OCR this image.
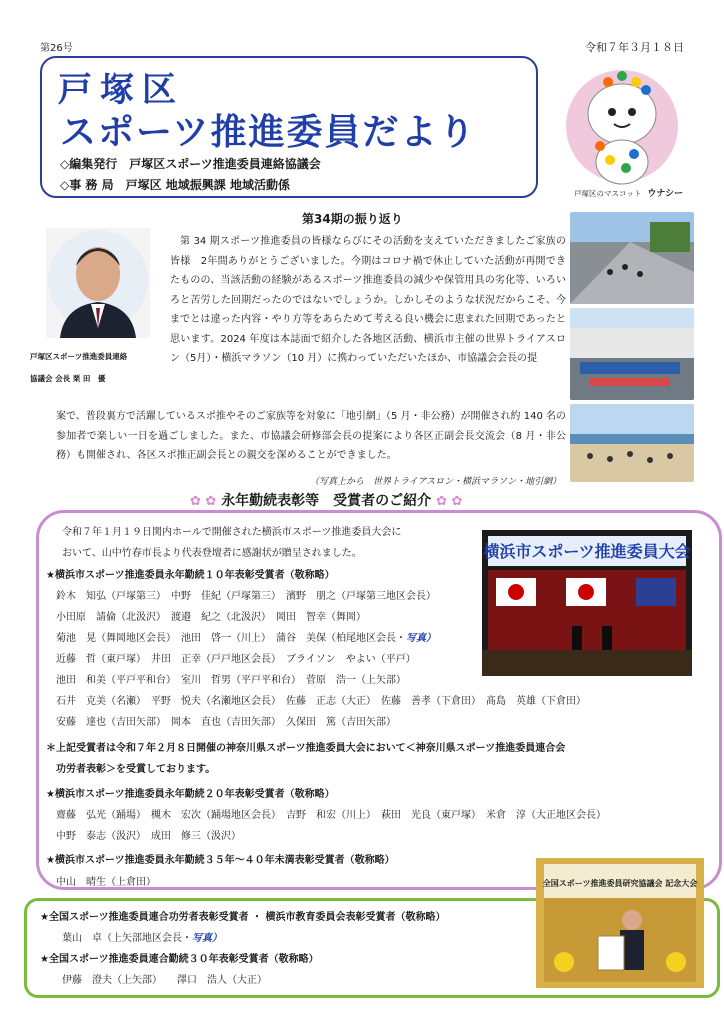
第26号	令和７年３月１８日
戸塚区
スポーツ推進委員だより
◇編集発行　戸塚区スポーツ推進委員連絡協議会
◇事 務 局　戸塚区 地域振興課 地域活動係
戸塚区のマスコット ウナシー
第34期の振り返り
戸塚区スポーツ推進委員連絡
協議会 会長 栗 田　優
第 34 期スポーツ推進委員の皆様ならびにその活動を支えていただきましたご家族の皆様　2年間ありがとうございました。今期はコロナ禍で休止していた活動が再開できたものの、当該活動の経験があるスポーツ推進委員の減少や保管用具の劣化等、いろいろと苦労した回期だったのではないでしょうか。しかしそのような状況だからこそ、今までとは違った内容・やり方等をあらためて考える良い機会に恵まれた回期であったと思います。2024 年度は本誌面で紹介した各地区活動、横浜市主催の世界トライアスロン（5月）・横浜マラソン（10 月）に携わっていただいたほか、市協議会会長の提
案で、普段裏方で活躍しているスポ推やそのご家族等を対象に「地引網」（5 月・非公務）が開催され約 140 名の参加者で楽しい一日を過ごしました。また、市協議会研修部会長の提案により各区正副会長交流会（8 月・非公務）も開催され、各区スポ推正副会長との親交を深めることができました。
（写真上から　世界トライアスロン・横浜マラソン・地引網）
✿ ✿ 永年勤続表彰等　受賞者のご紹介 ✿ ✿

令和７年１月１９日関内ホールで開催された横浜市スポーツ推進委員大会に

おいて、山中竹春市長より代表登壇者に感謝状が贈呈されました。	横浜市スポーツ推進委員大会
★横浜市スポーツ推進委員永年勤続１０年表彰受賞者（敬称略）
鈴木　知弘（戸塚第三）　中野　佳紀（戸塚第三）　濱野　朋之（戸塚第三地区会長）
小田原　請倫（北汲沢）　渡邉　紀之（北汲沢）　岡田　智幸（舞岡）
菊池　晃（舞岡地区会長）　池田　啓一（川上）　蒲谷　美保（柏尾地区会長・写真）
近藤　哲（東戸塚）　井田　正幸（戸戸地区会長）　ブライソン　やよい（平戸）
池田　和美（平戸平和台）　室川　哲男（平戸平和台）　菅原　浩一（上矢部）
石井　克美（名瀬）　平野　悦夫（名瀬地区会長）　佐藤　正志（大正）　佐藤　善孝（下倉田）　髙島　英雄（下倉田）
安藤　達也（吉田矢部）　岡本　直也（吉田矢部）　久保田　篤（吉田矢部）
＊上記受賞者は令和７年２月８日開催の神奈川県スポーツ推進委員大会において＜神奈川県スポーツ推進委員連合会
功労者表彰＞を受賞しております。
★横浜市スポーツ推進委員永年勤続２０年表彰受賞者（敬称略）
齋藤　弘光（踊場）　槻木　宏次（踊場地区会長）　吉野　和宏（川上）　萩田　光良（東戸塚）　米倉　淳（大正地区会長）
中野　泰志（汲沢）　成田　修三（汲沢）
★横浜市スポーツ推進委員永年勤続３５年～４０年未満表彰受賞者（敬称略）
中山　晴生（上倉田）
★全国スポーツ推進委員連合功労者表彰受賞者 ・ 横浜市教育委員会表彰受賞者（敬称略）
葉山　卓（上矢部地区会長・写真）
★全国スポーツ推進委員連合勤続３０年表彰受賞者（敬称略）
伊藤　澄夫（上矢部）　　澤口　浩人（大正）
全国スポーツ推進委員研究協議会 記念大会
